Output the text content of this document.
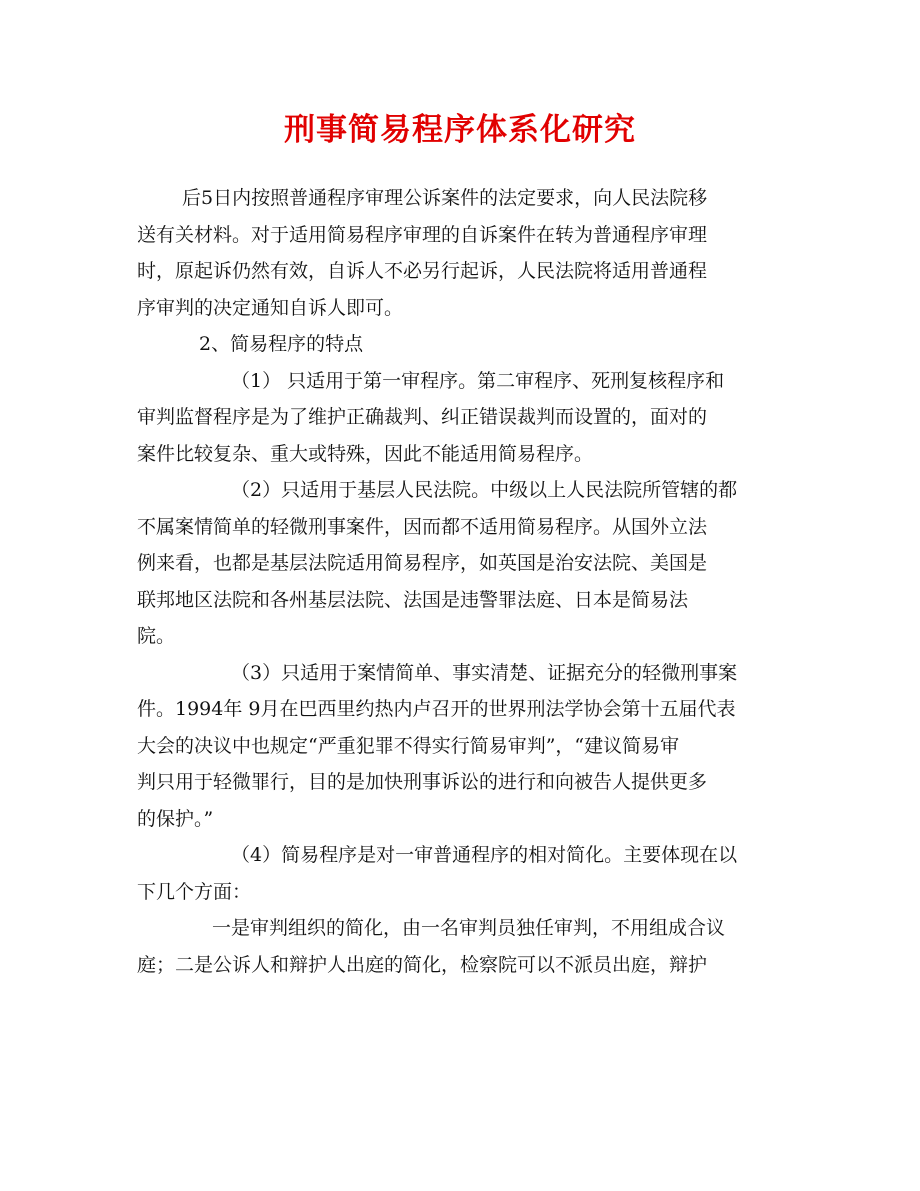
刑事简易程序体系化研究
后5日内按照普通程序审理公诉案件的法定要求，向人民法院移
送有关材料。对于适用简易程序审理的自诉案件在转为普通程序审理
时，原起诉仍然有效，自诉人不必另行起诉，人民法院将适用普通程
序审判的决定通知自诉人即可。
2、简易程序的特点
（1） 只适用于第一审程序。第二审程序、死刑复核程序和
审判监督程序是为了维护正确裁判、纠正错误裁判而设置的，面对的
案件比较复杂、重大或特殊，因此不能适用简易程序。
（2）只适用于基层人民法院。中级以上人民法院所管辖的都
不属案情简单的轻微刑事案件，因而都不适用简易程序。从国外立法
例来看，也都是基层法院适用简易程序，如英国是治安法院、美国是
联邦地区法院和各州基层法院、法国是违警罪法庭、日本是简易法
院。
（3）只适用于案情简单、事实清楚、证据充分的轻微刑事案
件。1994年 9月在巴西里约热内卢召开的世界刑法学协会第十五届代表
大会的决议中也规定“严重犯罪不得实行简易审判”，“建议简易审
判只用于轻微罪行，目的是加快刑事诉讼的进行和向被告人提供更多
的保护。”
（4）简易程序是对一审普通程序的相对简化。主要体现在以
下几个方面：
一是审判组织的简化，由一名审判员独任审判，不用组成合议
庭；二是公诉人和辩护人出庭的简化，检察院可以不派员出庭，辩护
